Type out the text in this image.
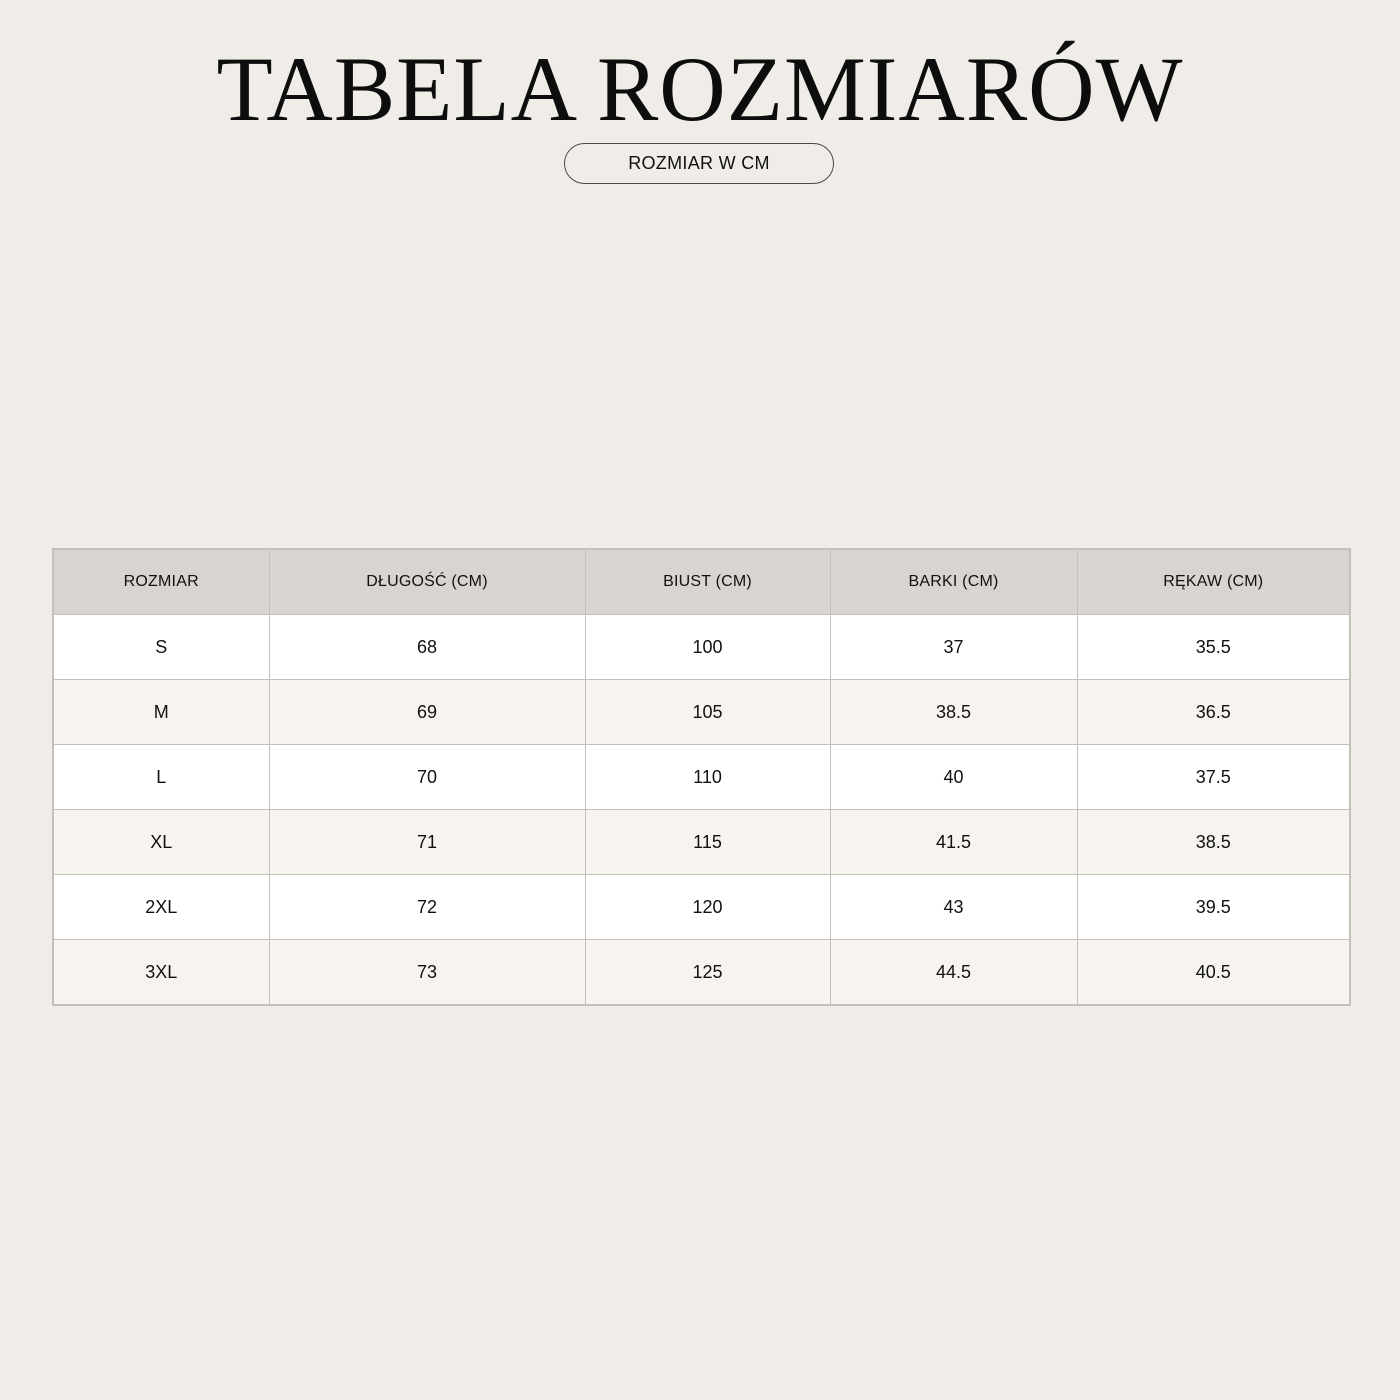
TABELA ROZMIARÓW
ROZMIAR W CM
ROZMIAR	DŁUGOŚĆ (CM)	BIUST (CM)	BARKI (CM)	RĘKAW (CM)
S	68	100	37	35.5
M	69	105	38.5	36.5
L	70	110	40	37.5
XL	71	115	41.5	38.5
2XL	72	120	43	39.5
3XL	73	125	44.5	40.5
